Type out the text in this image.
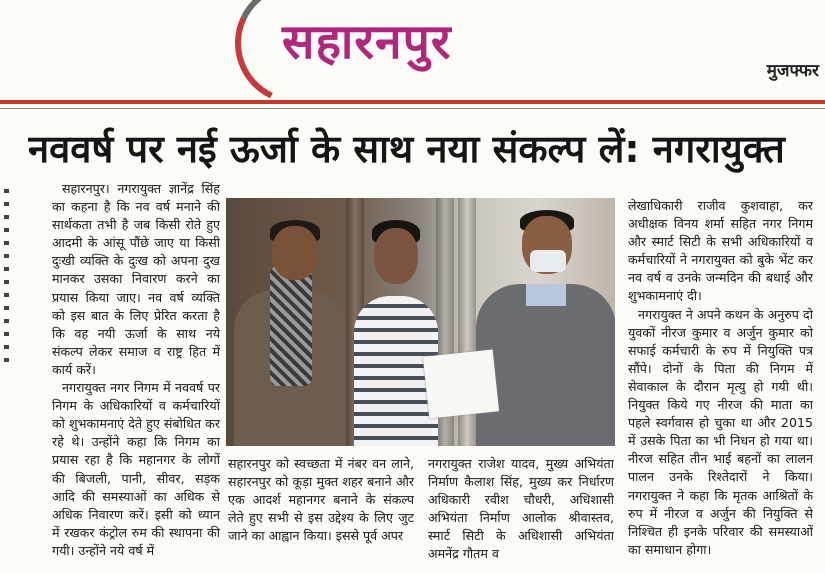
सहारनपुर
मुजफ्फर
नववर्ष पर नई ऊर्जा के साथ नया संकल्प लें: नगरायुक्त

सहारनपुर। नगरायुक्त ज्ञानेंद्र सिंह का कहना है कि नव वर्ष मनाने की सार्थकता तभी है जब किसी रोते हुए आदमी के आंसू पौंछे जाए या किसी दुःखी व्यक्ति के दुःख को अपना दुख मानकर उसका निवारण करने का प्रयास किया जाए। नव वर्ष व्यक्ति को इस बात के लिए प्रेरित करता है कि वह नयी ऊर्जा के साथ नये संकल्प लेकर समाज व राष्ट्र हित में कार्य करें।

नगरायुक्त नगर निगम में नववर्ष पर निगम के अधिकारियों व कर्मचारियों को शुभकामनाएं देते हुए संबोधित कर रहे थे। उन्होंने कहा कि निगम का प्रयास रहा है कि महानगर के लोगों की बिजली, पानी, सीवर, सड़क आदि की समस्याओं का अधिक से अधिक निवारण करें। इसी को ध्यान में रखकर कंट्रोल रुम की स्थापना की गयी। उन्होंने नये वर्ष में

सहारनपुर को स्वच्छता में नंबर वन लाने, सहारनपुर को कूड़ा मुक्त शहर बनाने और एक आदर्श महानगर बनाने के संकल्प लेते हुए सभी से इस उद्देश्य के लिए जुट जाने का आह्वान किया। इससे पूर्व अपर

नगरायुक्त राजेश यादव, मुख्य अभियंता निर्माण कैलाश सिंह, मुख्य कर निर्धारण अधिकारी रवीश चौधरी, अधिशासी अभियंता निर्माण आलोक श्रीवास्तव, स्मार्ट सिटी के अधिशासी अभियंता अमनेंद्र गौतम व

लेखाधिकारी राजीव कुशवाहा, कर अधीक्षक विनय शर्मा सहित नगर निगम और स्मार्ट सिटी के सभी अधिकारियों व कर्मचारियों ने नगरायुक्त को बुके भेंट कर नव वर्ष व उनके जन्मदिन की बधाई और शुभकामनाएं दी।

नगरायुक्त ने अपने कथन के अनुरुप दो युवकों नीरज कुमार व अर्जुन कुमार को सफाई कर्मचारी के रुप में नियुक्ति पत्र सौंपे। दोनों के पिता की निगम में सेवाकाल के दौरान मृत्यु हो गयी थी। नियुक्त किये गए नीरज की माता का पहले स्वर्गवास हो चुका था और 2015 में उसके पिता का भी निधन हो गया था। नीरज सहित तीन भाई बहनों का लालन पालन उनके रिश्तेदारों ने किया। नगरायुक्त ने कहा कि मृतक आश्रितों के रुप में नीरज व अर्जुन की नियुक्ति से निश्चित ही इनके परिवार की समस्याओं का समाधान होगा।
